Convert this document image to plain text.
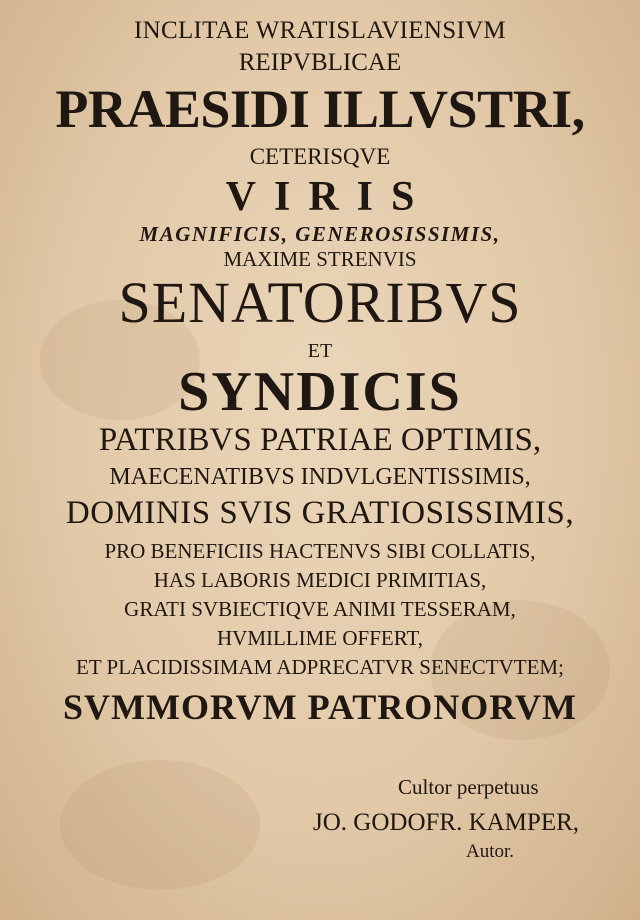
INCLITAE WRATISLAVIENSIVM
REIPVBLICAE
PRAESIDI ILLVSTRI,
CETERISQVE
VIRIS
MAGNIFICIS, GENEROSISSIMIS,
MAXIME STRENVIS
SENATORIBVS
ET
SYNDICIS
PATRIBVS PATRIAE OPTIMIS,
MAECENATIBVS INDVLGENTISSIMIS,
DOMINIS SVIS GRATIOSISSIMIS,
PRO BENEFICIIS HACTENVS SIBI COLLATIS,
HAS LABORIS MEDICI PRIMITIAS,
GRATI SVBIECTIQVE ANIMI TESSERAM,
HVMILLIME OFFERT,
ET PLACIDISSIMAM ADPRECATVR SENECTVTEM;
SVMMORVM PATRONORVM
Cultor perpetuus
JO. GODOFR. KAMPER,
Autor.
